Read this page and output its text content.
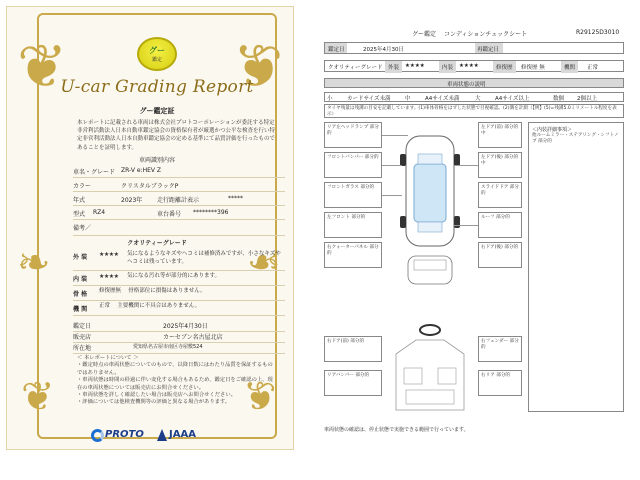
❦	❦
❧	❧
❦	❦
グー
鑑定
U-car Grading Report
グー鑑定証
本レポートに記載される車両は株式会社プロトコーポレーションが委託する特定非営利活動法人日本自動車鑑定協会の資格保有者が厳選かつ公平な検査を行い特定非営利活動法人日本自動車鑑定協会の定める基準にて品質評価を行ったものであることを証明します。
車両識別内容
車名・グレード ZR-V e:HEV Z
カラー	クリスタルブラックP
年式	2023年 走行距離計表示	*****
型式 RZ4	車台番号 ********396
備考／
クオリティーグレード
外 装 ★★★★ 気になるようなキズやヘコミは補修済みですが、小さなキズやヘコミは残っています。
内 装 ★★★★ 気になる汚れ等が部分的にあります。
骨 格 修復歴無 　骨格部位に損傷はありません。
機 関 正常 　主要機関に不具合はありません。
鑑定日	2025年4月30日
販売店	カーセブン名古屋北店
所在地	愛知県名古屋市南区寺屋敷524
＜ 本レポートについて ＞
・鑑定時点の車両状態についてのもので、以降日数にはわたり品質を保証するものではありません。
・車両状態は時間の経過に伴い変化する場合もあるため、鑑定日をご確認の上、現在の車両状態については販売店にお問合せください。
・車両状態を詳しく確認したい場合は販売店へお問合せください。
・評価については他検査機関等の評価と異なる場合があります。
PROTO	JAAA
グー鑑定 　コンディションチェックシート	R29125D3010
鑑定日	2025年4月30日	再鑑定日
クオリティーグレード	外装	★★★★	内装	★★★★	修復歴	修復歴 無	機関	正常
車両状態の説明
小	カードサイズ未満	中	A4サイズ未満	大	A4サイズ以上	数個 2個以上
タイヤ残量は残溝の目安を記載しています。(1)車体骨格をはずした状態で目視確認。(2)溝を計測（【例】(5)=残溝5.0ミリメートル程度を表示）
リア左ヘッドランプ 部分的
フロントバンパー 部分的
フロントガラス 部分的
左フロント 部分的
右クォーターパネル 部分的
右ドア(前) 部分的
リアバンパー 部分的
左ドア(前) 部分的 中
左ドア(後) 部分的 中
スライドドア 部分的
ルーフ 部分的
右ドア(後) 部分的
右フェンダー 部分的
右リア 部分的
＜内装詳細事項＞
他ルームミラー・ステアリング・シフトノブ 部分的
車両状態の確認は、停止状態で実施できる範囲で行っています。
